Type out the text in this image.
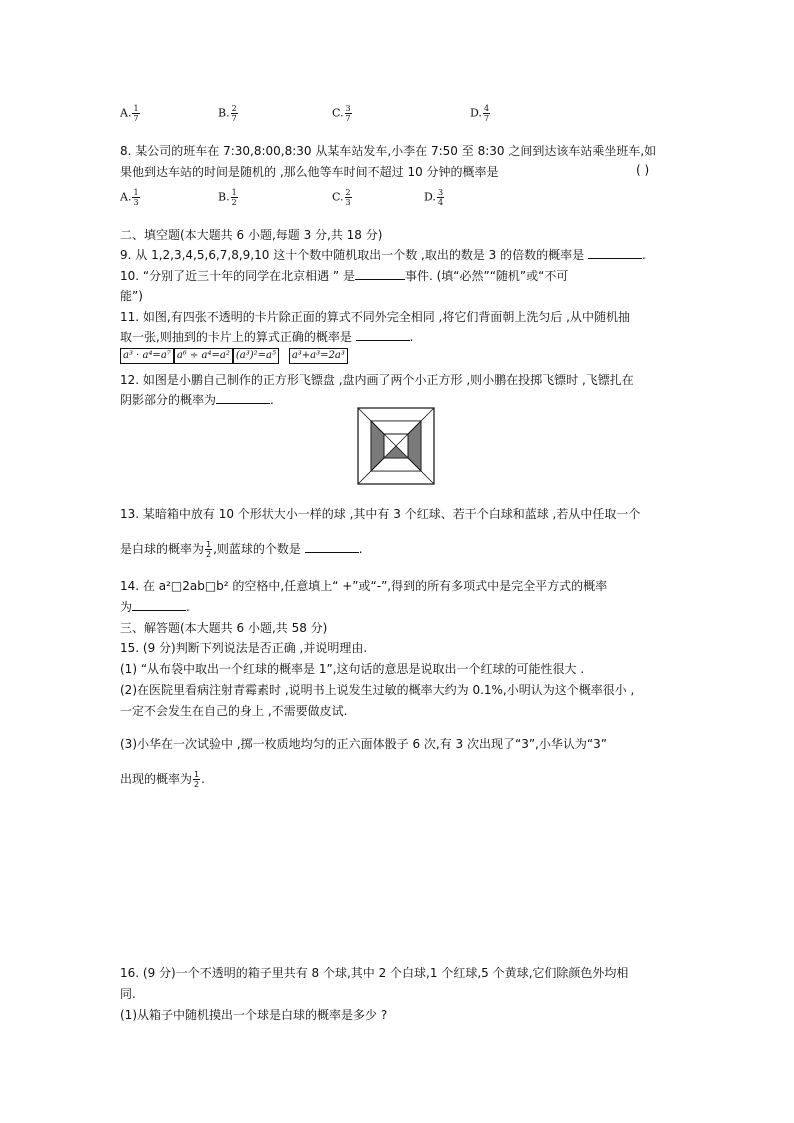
A. $\frac{1}{7}$	B. $\frac{2}{7}$	C. $\frac{3}{7}$	D. $\frac{4}{7}$
8. 某公司的班车在 7:30,8:00,8:30 从某车站发车,小李在 7:50 至 8:30 之间到达该车站乘坐班车,如
果他到达车站的时间是随机的 ,那么他等车时间不超过 10 分钟的概率是	( )
A. $\frac{1}{3}$	B. $\frac{1}{2}$	C. $\frac{2}{3}$	D. $\frac{3}{4}$
二、填空题(本大题共 6 小题,每题 3 分,共 18 分)
9. 从 1,2,3,4,5,6,7,8,9,10 这十个数中随机取出一个数 ,取出的数是 3 的倍数的概率是	.
10. “分别了近三十年的同学在北京相遇 ” 是	事件. (填“必然”“随机”或“不可
能”)
11. 如图,有四张不透明的卡片除正面的算式不同外完全相同 ,将它们背面朝上洗匀后 ,从中随机抽
取一张,则抽到的卡片上的算式正确的概率是	.
a³ · a⁴=a⁷ a⁶ ÷ a⁴=a² (a³)²=a⁵ a³+a³=2a³
12. 如图是小鹏自己制作的正方形飞镖盘 ,盘内画了两个小正方形 ,则小鹏在投掷飞镖时 ,飞镖扎在
阴影部分的概率为	.
13. 某暗箱中放有 10 个形状大小一样的球 ,其中有 3 个红球、若干个白球和蓝球 ,若从中任取一个
是白球的概率为 $\frac{1}{2}$ ,则蓝球的个数是	.
14. 在 a²□2ab□b² 的空格中,任意填上“ +”或“-”,得到的所有多项式中是完全平方式的概率
为	.
三、解答题(本大题共 6 小题,共 58 分)
15. (9 分)判断下列说法是否正确 ,并说明理由.
(1) “从布袋中取出一个红球的概率是 1”,这句话的意思是说取出一个红球的可能性很大 .
(2)在医院里看病注射青霉素时 ,说明书上说发生过敏的概率大约为 0.1%,小明认为这个概率很小 ,
一定不会发生在自己的身上 ,不需要做皮试.
(3)小华在一次试验中 ,掷一枚质地均匀的正六面体骰子 6 次,有 3 次出现了“3”,小华认为“3”
出现的概率为 $\frac{1}{2}$ .
16. (9 分)一个不透明的箱子里共有 8 个球,其中 2 个白球,1 个红球,5 个黄球,它们除颜色外均相
同.
(1)从箱子中随机摸出一个球是白球的概率是多少 ?
